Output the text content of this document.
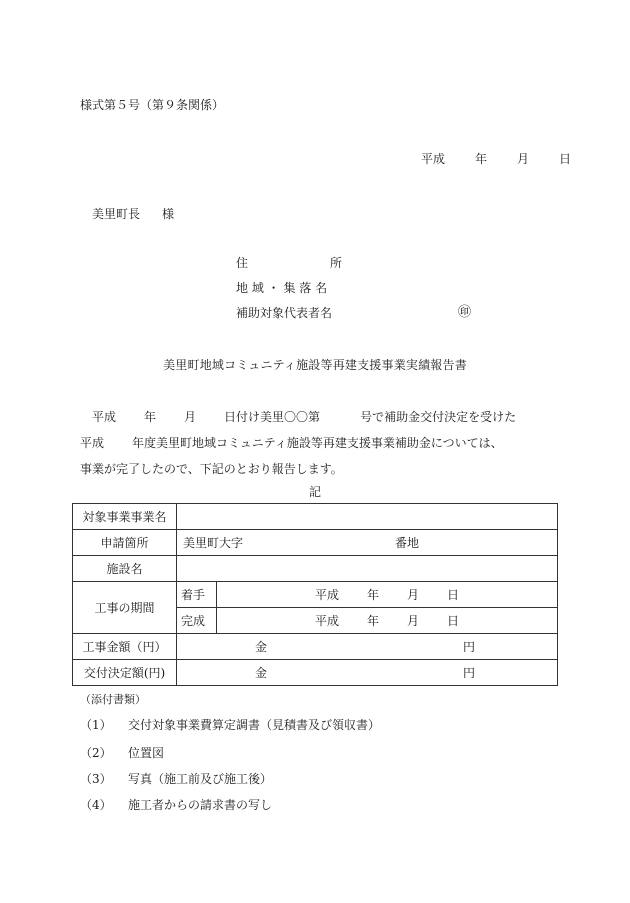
様式第５号（第９条関係）
平成	年	月	日
美里町長 様
住	所
地 域 ・ 集 落 名
補助対象代表者名	㊞
美里町地域コミュニティ施設等再建支援事業実績報告書
平成 年 月 日付け美里〇〇第	号で補助金交付決定を受けた
平成 年度美里町地域コミュニティ施設等再建支援事業補助金については、
事業が完了したので、下記のとおり報告します。
記
対象事業事業名		
申請箇所	美里町大字 番地	
施設名		
工事の期間	着手	平成 年 月 日
	完成	平成 年 月 日
工事金額（円）	金 円	
交付決定額(円)	金 円	
（添付書類）
（1） 交付対象事業費算定調書（見積書及び領収書）
（2） 位置図
（3） 写真（施工前及び施工後）
（4） 施工者からの請求書の写し
